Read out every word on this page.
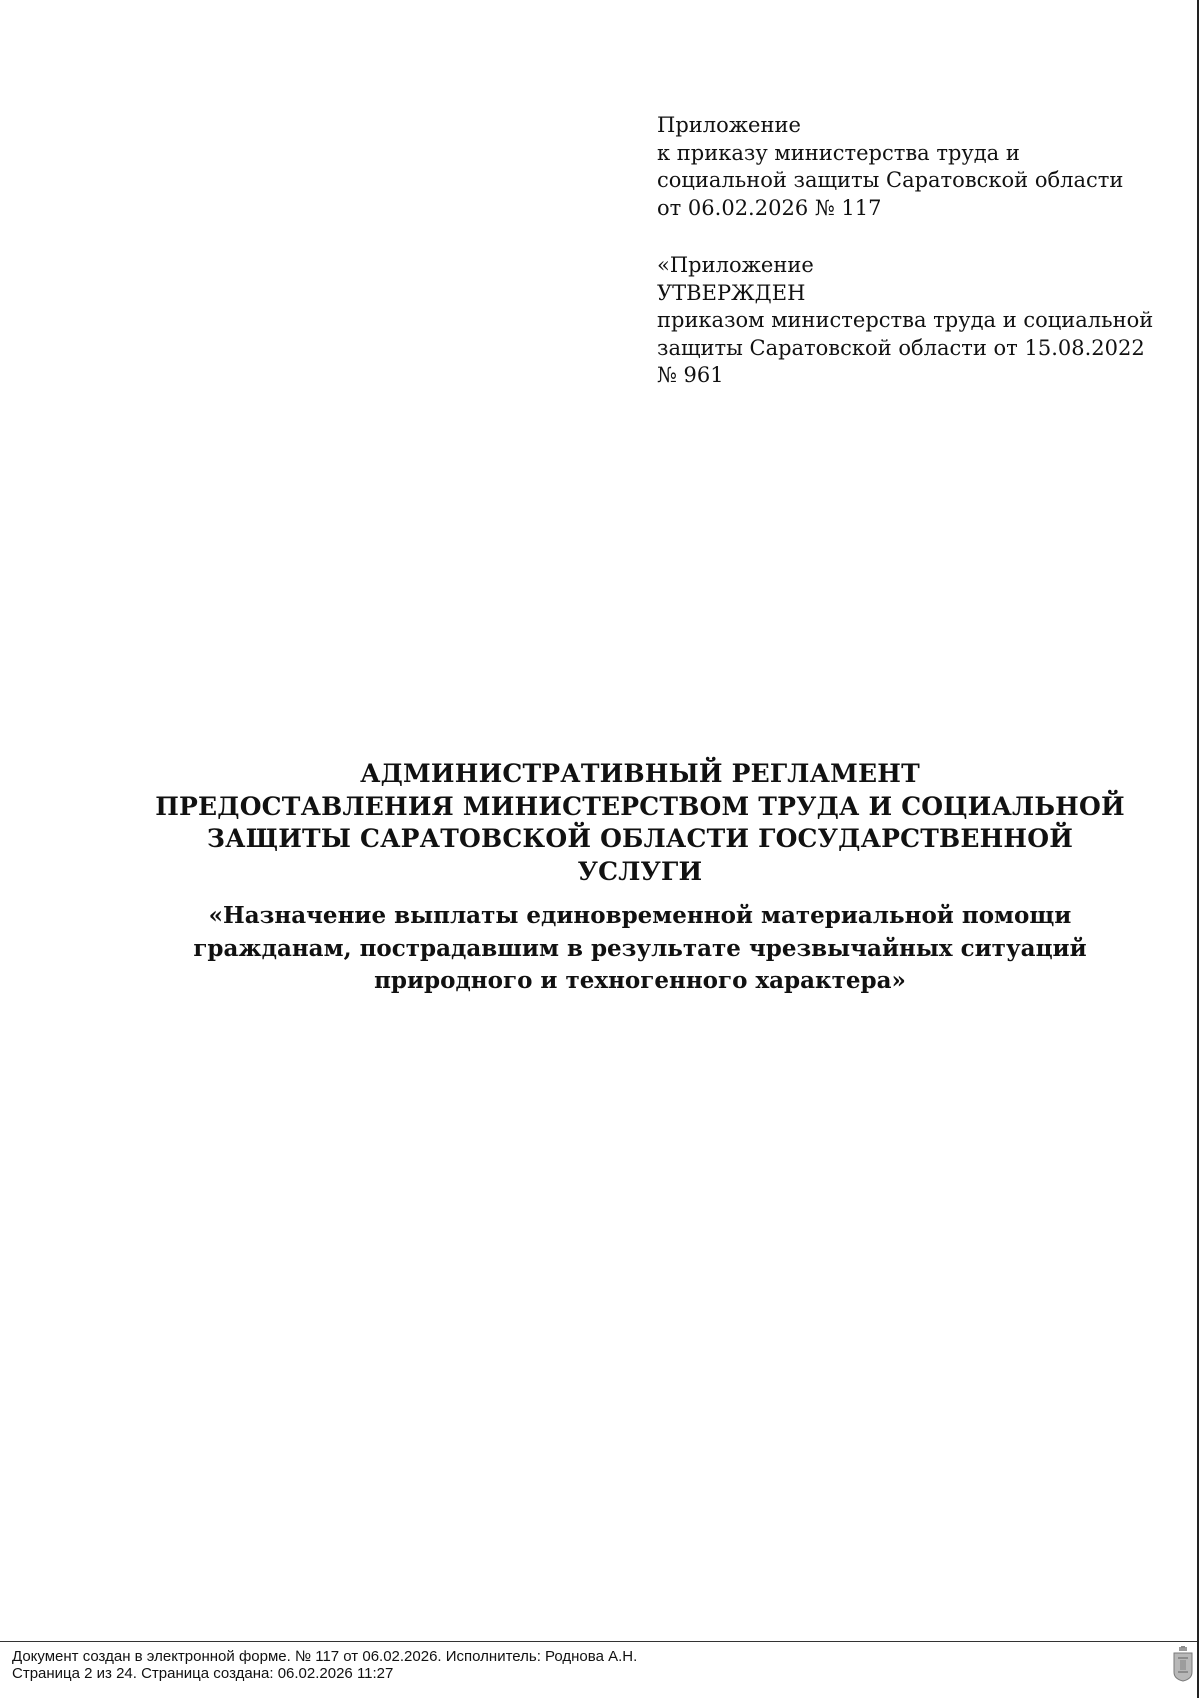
Приложение
к приказу министерства труда и
социальной защиты Саратовской области
от 06.02.2026 № 117
«Приложение
УТВЕРЖДЕН
приказом министерства труда и социальной
защиты Саратовской области от 15.08.2022
№ 961
АДМИНИСТРАТИВНЫЙ РЕГЛАМЕНТ
ПРЕДОСТАВЛЕНИЯ МИНИСТЕРСТВОМ ТРУДА И СОЦИАЛЬНОЙ
ЗАЩИТЫ САРАТОВСКОЙ ОБЛАСТИ ГОСУДАРСТВЕННОЙ
УСЛУГИ
«Назначение выплаты единовременной материальной помощи
гражданам, пострадавшим в результате чрезвычайных ситуаций
природного и техногенного характера»
Документ создан в электронной форме. № 117 от 06.02.2026. Исполнитель: Роднова А.Н.
Страница 2 из 24. Страница создана: 06.02.2026 11:27
